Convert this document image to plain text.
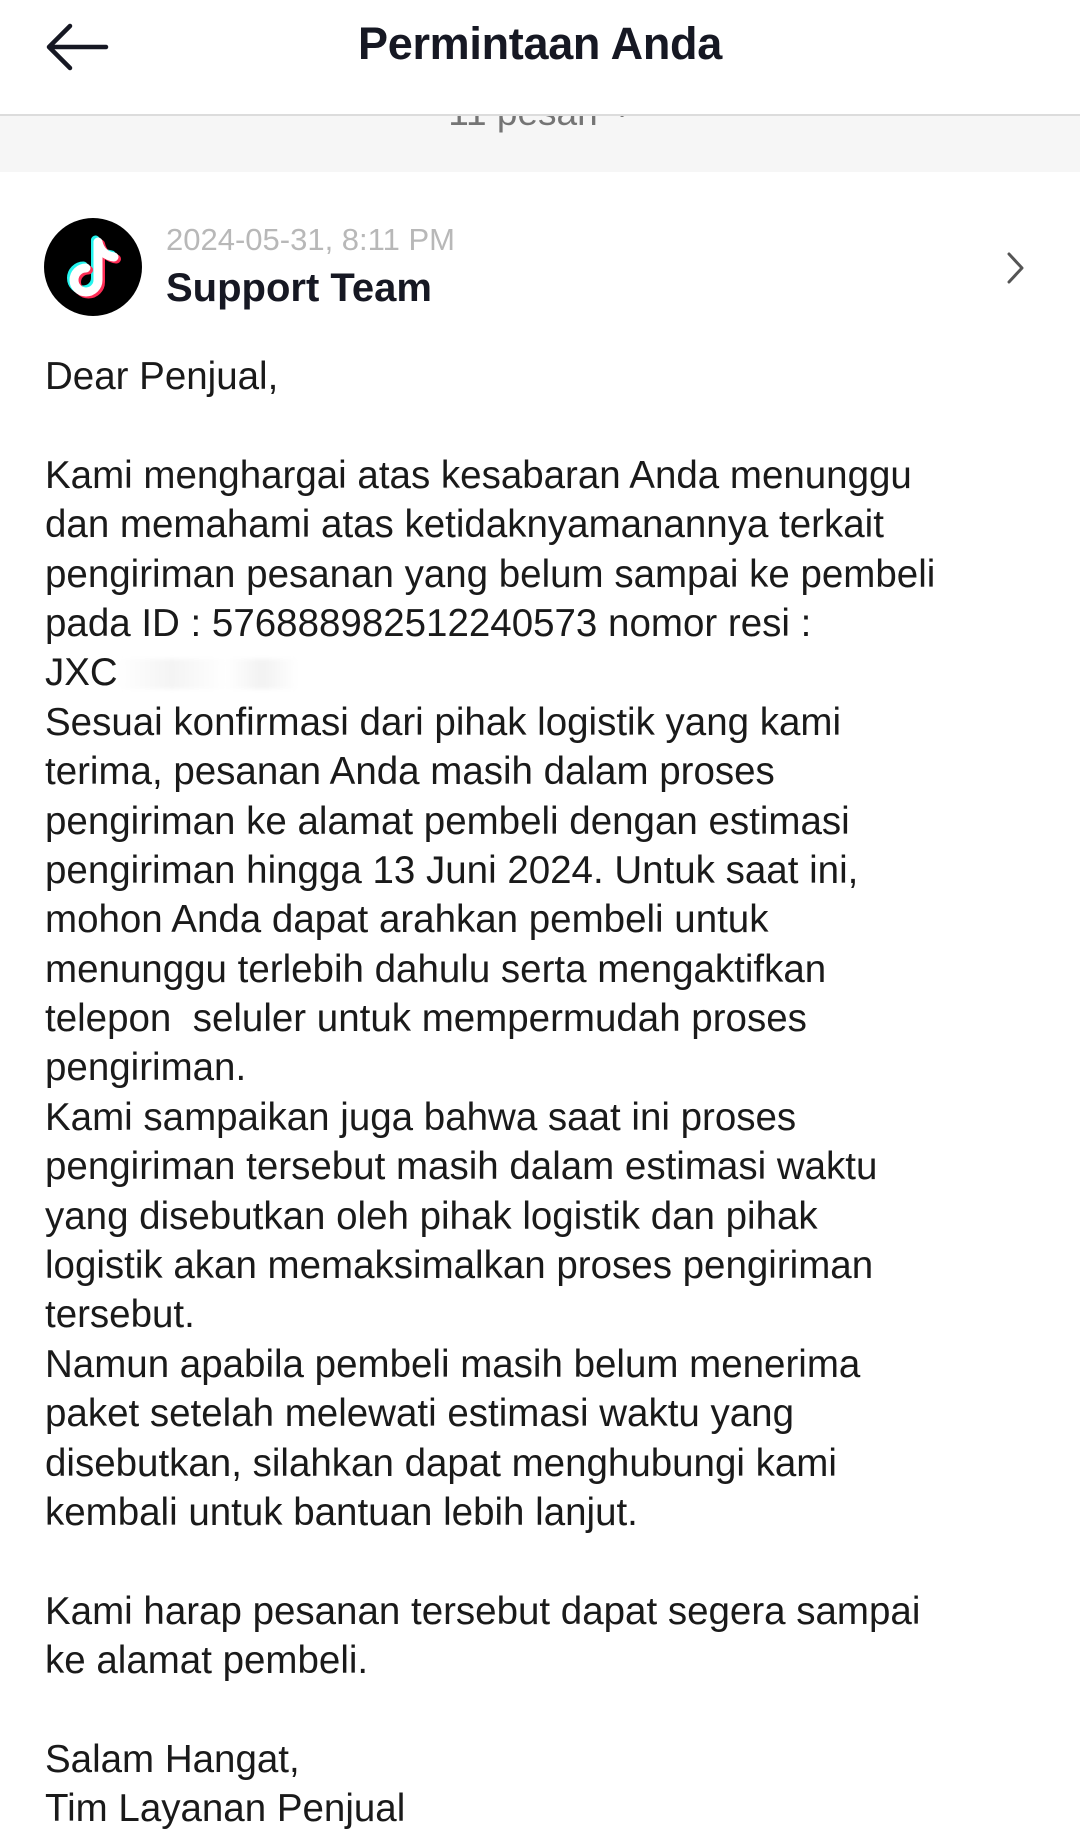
Permintaan Anda
2024-05-31, 8:11 PM
Support Team
Dear Penjual,
Kami menghargai atas kesabaran Anda menunggu
dan memahami atas ketidaknyamanannya terkait
pengiriman pesanan yang belum sampai ke pembeli
pada ID : 576888982512240573 nomor resi :
JXC
Sesuai konfirmasi dari pihak logistik yang kami
terima, pesanan Anda masih dalam proses
pengiriman ke alamat pembeli dengan estimasi
pengiriman hingga 13 Juni 2024. Untuk saat ini,
mohon Anda dapat arahkan pembeli untuk
menunggu terlebih dahulu serta mengaktifkan
telepon  seluler untuk mempermudah proses
pengiriman.
Kami sampaikan juga bahwa saat ini proses
pengiriman tersebut masih dalam estimasi waktu
yang disebutkan oleh pihak logistik dan pihak
logistik akan memaksimalkan proses pengiriman
tersebut.
Namun apabila pembeli masih belum menerima
paket setelah melewati estimasi waktu yang
disebutkan, silahkan dapat menghubungi kami
kembali untuk bantuan lebih lanjut.
Kami harap pesanan tersebut dapat segera sampai
ke alamat pembeli.
Salam Hangat,
Tim Layanan Penjual
